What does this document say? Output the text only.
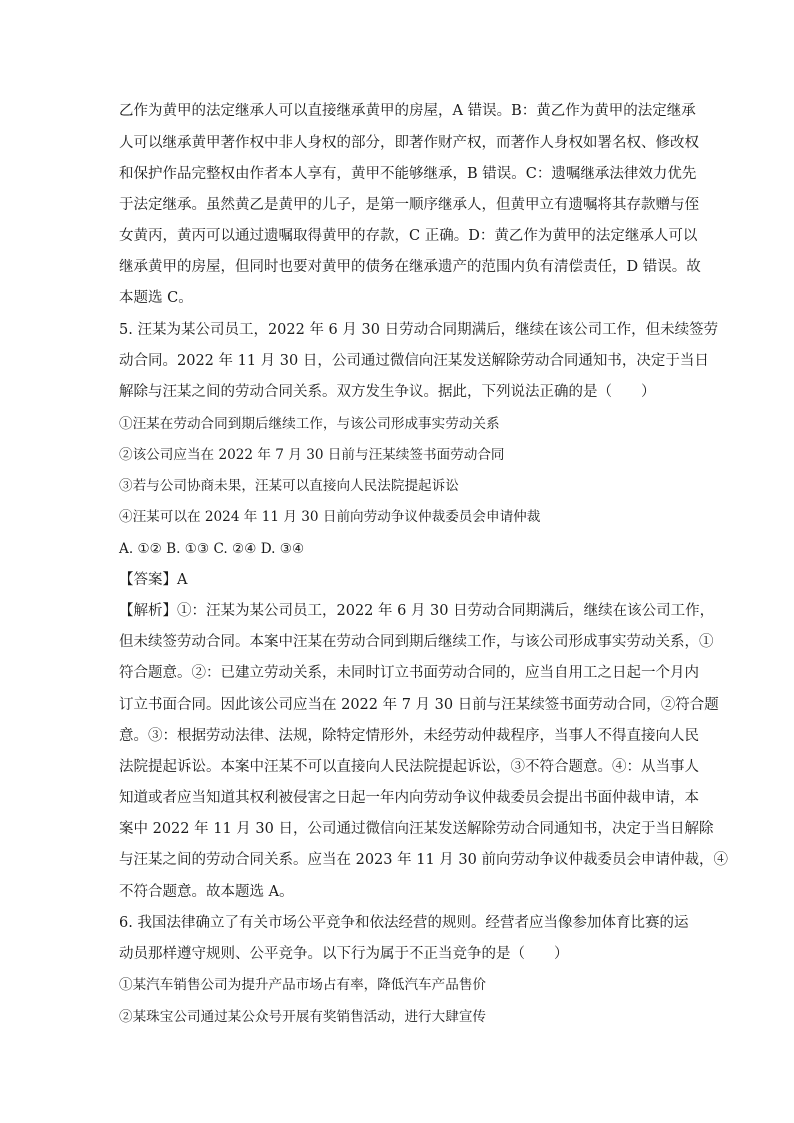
乙作为黄甲的法定继承人可以直接继承黄甲的房屋，A 错误。B：黄乙作为黄甲的法定继承
人可以继承黄甲著作权中非人身权的部分，即著作财产权，而著作人身权如署名权、修改权
和保护作品完整权由作者本人享有，黄甲不能够继承，B 错误。C：遗嘱继承法律效力优先
于法定继承。虽然黄乙是黄甲的儿子，是第一顺序继承人，但黄甲立有遗嘱将其存款赠与侄
女黄丙，黄丙可以通过遗嘱取得黄甲的存款，C 正确。D：黄乙作为黄甲的法定继承人可以
继承黄甲的房屋，但同时也要对黄甲的债务在继承遗产的范围内负有清偿责任，D 错误。故
本题选 C。
5. 汪某为某公司员工，2022 年 6 月 30 日劳动合同期满后，继续在该公司工作，但未续签劳
动合同。2022 年 11 月 30 日，公司通过微信向汪某发送解除劳动合同通知书，决定于当日
解除与汪某之间的劳动合同关系。双方发生争议。据此，下列说法正确的是（　　）
①汪某在劳动合同到期后继续工作，与该公司形成事实劳动关系
②该公司应当在 2022 年 7 月 30 日前与汪某续签书面劳动合同
③若与公司协商未果，汪某可以直接向人民法院提起诉讼
④汪某可以在 2024 年 11 月 30 日前向劳动争议仲裁委员会申请仲裁
A. ①② B. ①③ C. ②④ D. ③④
【答案】A
【解析】①：汪某为某公司员工，2022 年 6 月 30 日劳动合同期满后，继续在该公司工作，
但未续签劳动合同。本案中汪某在劳动合同到期后继续工作，与该公司形成事实劳动关系，①
符合题意。②：已建立劳动关系，未同时订立书面劳动合同的，应当自用工之日起一个月内
订立书面合同。因此该公司应当在 2022 年 7 月 30 日前与汪某续签书面劳动合同，②符合题
意。③：根据劳动法律、法规，除特定情形外，未经劳动仲裁程序，当事人不得直接向人民
法院提起诉讼。本案中汪某不可以直接向人民法院提起诉讼，③不符合题意。④：从当事人
知道或者应当知道其权利被侵害之日起一年内向劳动争议仲裁委员会提出书面仲裁申请，本
案中 2022 年 11 月 30 日，公司通过微信向汪某发送解除劳动合同通知书，决定于当日解除
与汪某之间的劳动合同关系。应当在 2023 年 11 月 30 前向劳动争议仲裁委员会申请仲裁，④
不符合题意。故本题选 A。
6. 我国法律确立了有关市场公平竞争和依法经营的规则。经营者应当像参加体育比赛的运
动员那样遵守规则、公平竞争。以下行为属于不正当竞争的是（　　）
①某汽车销售公司为提升产品市场占有率，降低汽车产品售价
②某珠宝公司通过某公众号开展有奖销售活动，进行大肆宣传
